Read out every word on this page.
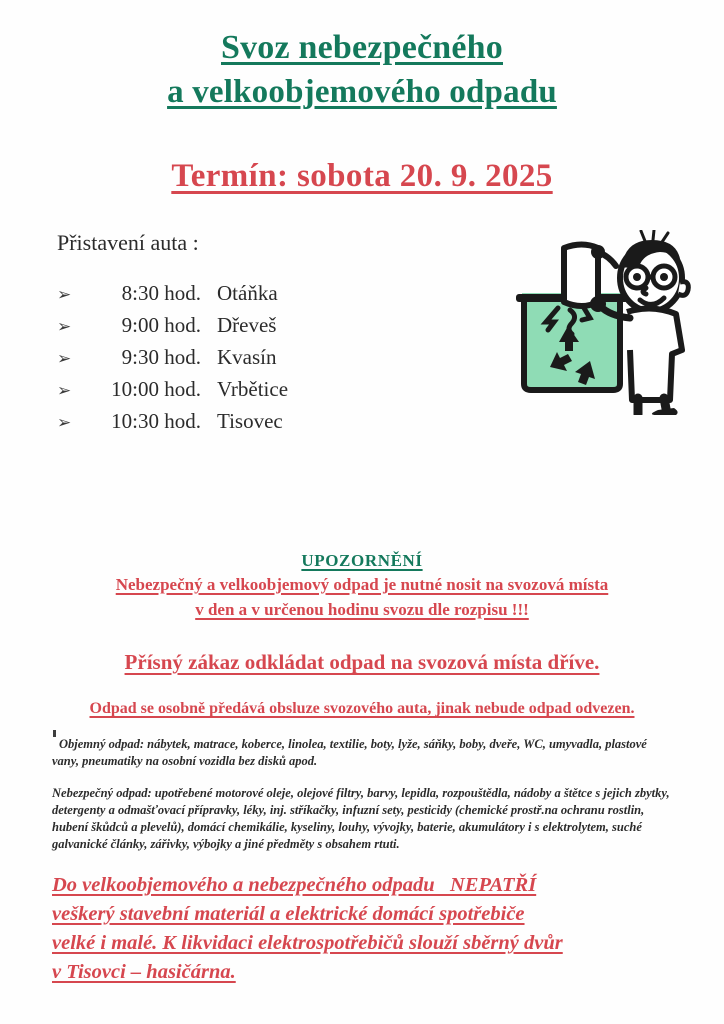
Svoz nebezpečného
a velkoobjemového odpadu
Termín: sobota 20. 9. 2025
Přistavení auta :
➢	8:30 hod. Otáňka
➢	9:00 hod. Dřeveš
➢	9:30 hod. Kvasín
➢	10:00 hod. Vrbětice
➢	10:30 hod. Tisovec
UPOZORNĚNÍ
Nebezpečný a velkoobjemový odpad je nutné nosit na svozová místa
v den a v určenou hodinu svozu dle rozpisu !!!
Přísný zákaz odkládat odpad na svozová místa dříve.
Odpad se osobně předává obsluze svozového auta, jinak nebude odpad odvezen.

Objemný odpad: nábytek, matrace, koberce, linolea, textilie, boty, lyže, sáňky, boby, dveře, WC, umyvadla, plastové vany, pneumatiky na osobní vozidla bez disků apod.

Nebezpečný odpad: upotřebené motorové oleje, olejové filtry, barvy, lepidla, rozpouštědla, nádoby a štětce s jejich zbytky, detergenty a odmašťovací přípravky, léky, inj. stříkačky, infuzní sety, pesticidy (chemické prostř.na ochranu rostlin, hubení škůdců a plevelů), domácí chemikálie, kyseliny, louhy, vývojky, baterie, akumulátory i s elektrolytem, suché galvanické články, zářivky, výbojky a jiné předměty s obsahem rtuti.

Do velkoobjemového a nebezpečného odpadu   NEPATŘÍ
veškerý stavební materiál a elektrické domácí spotřebiče
velké i malé. K likvidaci elektrospotřebičů slouží sběrný dvůr
v Tisovci – hasičárna.
